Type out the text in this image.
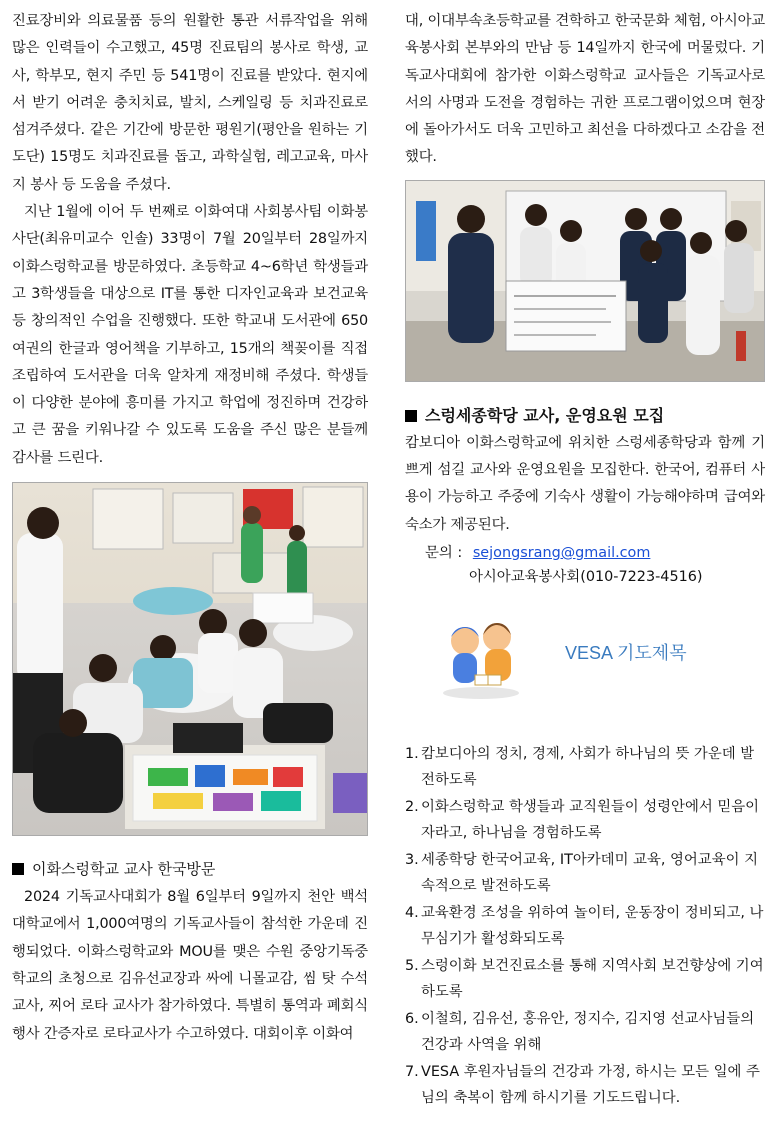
진료장비와 의료물품 등의 원활한 통관 서류작업을 위해 많은 인력들이 수고했고, 45명 진료팀의 봉사로 학생, 교사, 학부모, 현지 주민 등 541명이 진료를 받았다. 현지에서 받기 어려운 충치치료, 발치, 스케일링 등 치과진료로 섬겨주셨다. 같은 기간에 방문한 평원기(평안을 원하는 기도단) 15명도 치과진료를 돕고, 과학실험, 레고교육, 마사지 봉사 등 도움을 주셨다.

지난 1월에 이어 두 번째로 이화여대 사회봉사팀 이화봉사단(최유미교수 인솔) 33명이 7월 20일부터 28일까지 이화스렁학교를 방문하였다. 초등학교 4~6학년 학생들과 고 3학생들을 대상으로 IT를 통한 디자인교육과 보건교육 등 창의적인 수업을 진행했다. 또한 학교내 도서관에 650여권의 한글과 영어책을 기부하고, 15개의 책꽂이를 직접 조립하여 도서관을 더욱 알차게 재정비해 주셨다. 학생들이 다양한 분야에 흥미를 가지고 학업에 정진하며 건강하고 큰 꿈을 키워나갈 수 있도록 도움을 주신 많은 분들께 감사를 드린다.

이화스렁학교 교사 한국방문

2024 기독교사대회가 8월 6일부터 9일까지 천안 백석대학교에서 1,000여명의 기독교사들이 참석한 가운데 진행되었다. 이화스렁학교와 MOU를 맺은 수원 중앙기독중학교의 초청으로 김유선교장과 싸에 니몰교감, 씸 탓 수석교사, 찌어 로타 교사가 참가하였다. 특별히 통역과 폐회식 행사 간증자로 로타교사가 수고하였다. 대회이후 이화여

대, 이대부속초등학교를 견학하고 한국문화 체험, 아시아교육봉사회 본부와의 만남 등 14일까지 한국에 머물렀다. 기독교사대회에 참가한 이화스렁학교 교사들은 기독교사로서의 사명과 도전을 경험하는 귀한 프로그램이었으며 현장에 돌아가서도 더욱 고민하고 최선을 다하겠다고 소감을 전했다.

스렁세종학당 교사, 운영요원 모집

캄보디아 이화스렁학교에 위치한 스렁세종학당과 함께 기쁘게 섬길 교사와 운영요원을 모집한다. 한국어, 컴퓨터 사용이 가능하고 주중에 기숙사 생활이 가능해야하며 급여와 숙소가 제공된다.

문의 : sejongsrang@gmail.com
아시아교육봉사회(010-7223-4516)
VESA 기도제목
1. 캄보디아의 정치, 경제, 사회가 하나님의 뜻 가운데 발전하도록
2. 이화스렁학교 학생들과 교직원들이 성령안에서 믿음이 자라고, 하나님을 경험하도록
3. 세종학당 한국어교육, IT아카데미 교육, 영어교육이 지속적으로 발전하도록
4. 교육환경 조성을 위하여 놀이터, 운동장이 정비되고, 나무심기가 활성화되도록
5. 스렁이화 보건진료소를 통해 지역사회 보건향상에 기여하도록
6. 이철희, 김유선, 홍유안, 정지수, 김지영 선교사님들의 건강과 사역을 위해
7. VESA 후원자님들의 건강과 가정, 하시는 모든 일에 주님의 축복이 함께 하시기를 기도드립니다.
